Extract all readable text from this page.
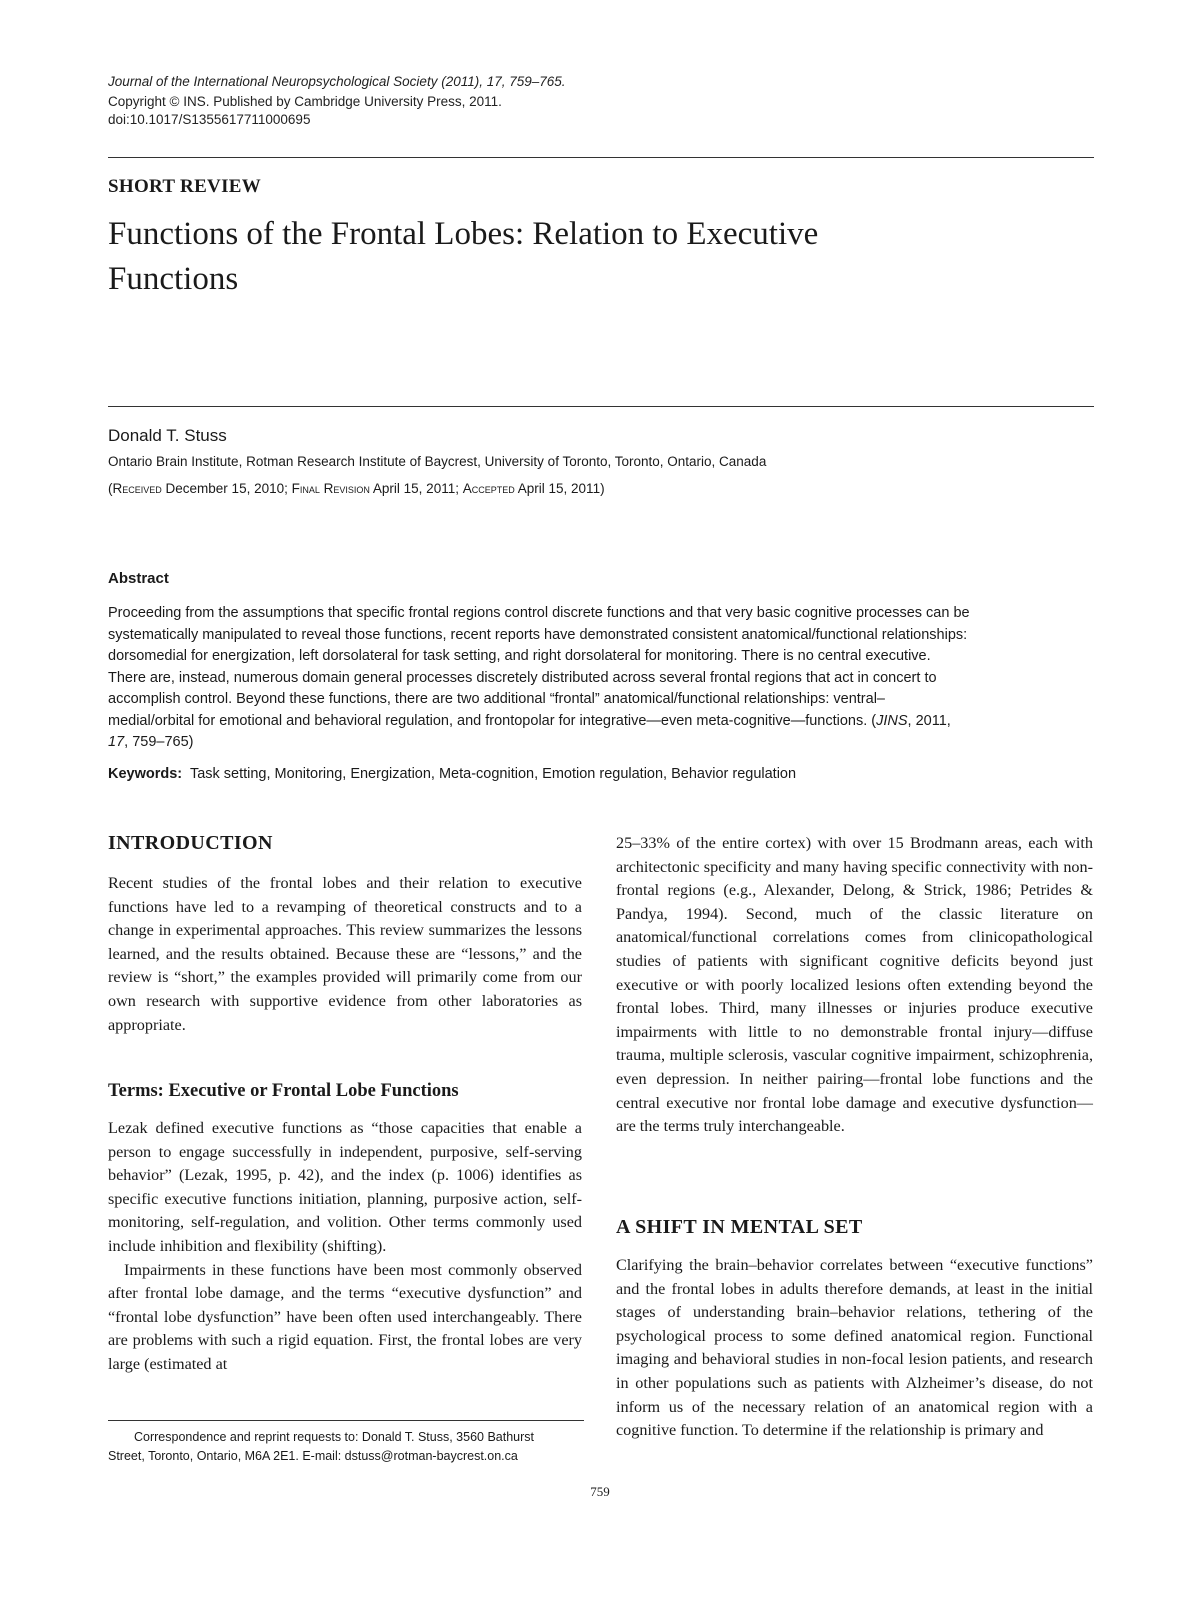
Journal of the International Neuropsychological Society (2011), 17, 759–765.
Copyright © INS. Published by Cambridge University Press, 2011.
doi:10.1017/S1355617711000695
SHORT REVIEW
Functions of the Frontal Lobes: Relation to Executive
Functions
Donald T. Stuss
Ontario Brain Institute, Rotman Research Institute of Baycrest, University of Toronto, Toronto, Ontario, Canada
(Received December 15, 2010; Final Revision April 15, 2011; Accepted April 15, 2011)
Abstract
Proceeding from the assumptions that specific frontal regions control discrete functions and that very basic cognitive processes can be systematically manipulated to reveal those functions, recent reports have demonstrated consistent anatomical/functional relationships: dorsomedial for energization, left dorsolateral for task setting, and right dorsolateral for monitoring. There is no central executive. There are, instead, numerous domain general processes discretely distributed across several frontal regions that act in concert to accomplish control. Beyond these functions, there are two additional “frontal” anatomical/functional relationships: ventral–medial/orbital for emotional and behavioral regulation, and frontopolar for integrative—even meta-cognitive—functions. (JINS, 2011, 17, 759–765)
Keywords: Task setting, Monitoring, Energization, Meta-cognition, Emotion regulation, Behavior regulation
INTRODUCTION

Recent studies of the frontal lobes and their relation to executive functions have led to a revamping of theoretical constructs and to a change in experimental approaches. This review summarizes the lessons learned, and the results obtained. Because these are “lessons,” and the review is “short,” the examples provided will primarily come from our own research with supportive evidence from other laboratories as appropriate.

Terms: Executive or Frontal Lobe Functions

Lezak defined executive functions as “those capacities that enable a person to engage successfully in independent, purposive, self-serving behavior” (Lezak, 1995, p. 42), and the index (p. 1006) identifies as specific executive functions initiation, planning, purposive action, self-monitoring, self-regulation, and volition. Other terms commonly used include inhibition and flexibility (shifting).

Impairments in these functions have been most commonly observed after frontal lobe damage, and the terms “executive dysfunction” and “frontal lobe dysfunction” have been often used interchangeably. There are problems with such a rigid equation. First, the frontal lobes are very large (estimated at

Correspondence and reprint requests to: Donald T. Stuss, 3560 Bathurst
Street, Toronto, Ontario, M6A 2E1. E-mail: dstuss@rotman-baycrest.on.ca

25–33% of the entire cortex) with over 15 Brodmann areas, each with architectonic specificity and many having specific connectivity with non-frontal regions (e.g., Alexander, Delong, & Strick, 1986; Petrides & Pandya, 1994). Second, much of the classic literature on anatomical/functional correlations comes from clinicopathological studies of patients with significant cognitive deficits beyond just executive or with poorly localized lesions often extending beyond the frontal lobes. Third, many illnesses or injuries produce executive impairments with little to no demonstrable frontal injury—diffuse trauma, multiple sclerosis, vascular cognitive impairment, schizophrenia, even depression. In neither pairing—frontal lobe functions and the central executive nor frontal lobe damage and executive dysfunction—are the terms truly interchangeable.

A SHIFT IN MENTAL SET

Clarifying the brain–behavior correlates between “executive functions” and the frontal lobes in adults therefore demands, at least in the initial stages of understanding brain–behavior relations, tethering of the psychological process to some defined anatomical region. Functional imaging and behavioral studies in non-focal lesion patients, and research in other populations such as patients with Alzheimer’s disease, do not inform us of the necessary relation of an anatomical region with a cognitive function. To determine if the relationship is primary and

759
